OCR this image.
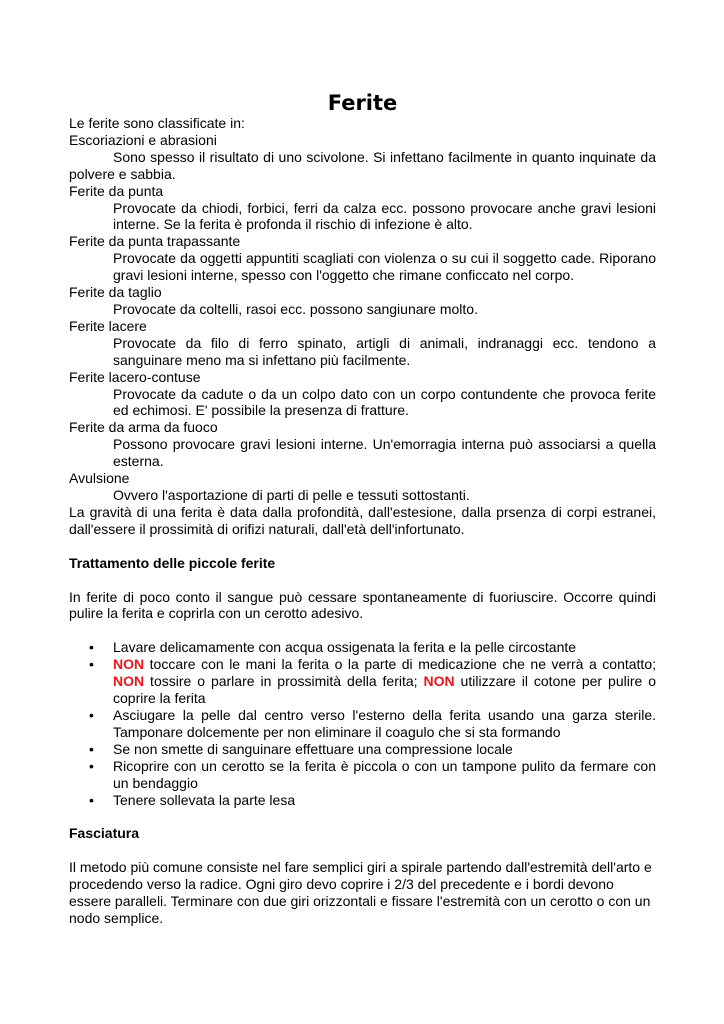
Ferite

Le ferite sono classificate in:

Escoriazioni e abrasioni

Sono spesso il risultato di uno scivolone. Si infettano facilmente in quanto inquinate da polvere e sabbia.

Ferite da punta

Provocate da chiodi, forbici, ferri da calza ecc. possono provocare anche gravi lesioni interne. Se la ferita è profonda il rischio di infezione è alto.

Ferite da punta trapassante

Provocate da oggetti appuntiti scagliati con violenza o su cui il soggetto cade. Riporano gravi lesioni interne, spesso con l'oggetto che rimane conficcato nel corpo.

Ferite da taglio

Provocate da coltelli, rasoi ecc. possono sangiunare molto.

Ferite lacere

Provocate da filo di ferro spinato, artigli di animali, indranaggi ecc. tendono a sanguinare meno ma si infettano più facilmente.

Ferite lacero-contuse

Provocate da cadute o da un colpo dato con un corpo contundente che provoca ferite ed echimosi. E' possibile la presenza di fratture.

Ferite da arma da fuoco

Possono provocare gravi lesioni interne. Un'emorragia interna può associarsi a quella esterna.

Avulsione

Ovvero l'asportazione di parti di pelle e tessuti sottostanti.

La gravità di una ferita è data dalla profondità, dall'estesione, dalla prsenza di corpi estranei, dall'essere il prossimità di orifizi naturali, dall'età dell'infortunato.

Trattamento delle piccole ferite

In ferite di poco conto il sangue può cessare spontaneamente di fuoriuscire. Occorre quindi pulire la ferita e coprirla con un cerotto adesivo.

• Lavare delicamamente con acqua ossigenata la ferita e la pelle circostante
• NON toccare con le mani la ferita o la parte di medicazione che ne verrà a contatto; NON tossire o parlare in prossimità della ferita; NON utilizzare il cotone per pulire o coprire la ferita
• Asciugare la pelle dal centro verso l'esterno della ferita usando una garza sterile. Tamponare dolcemente per non eliminare il coagulo che si sta formando
• Se non smette di sanguinare effettuare una compressione locale
• Ricoprire con un cerotto se la ferita è piccola o con un tampone pulito da fermare con un bendaggio
• Tenere sollevata la parte lesa

Fasciatura

Il metodo più comune consiste nel fare semplici giri a spirale partendo dall'estremità dell'arto e procedendo verso la radice. Ogni giro devo coprire i 2/3 del precedente e i bordi devono essere paralleli. Terminare con due giri orizzontali e fissare l'estremità con un cerotto o con un nodo semplice.
